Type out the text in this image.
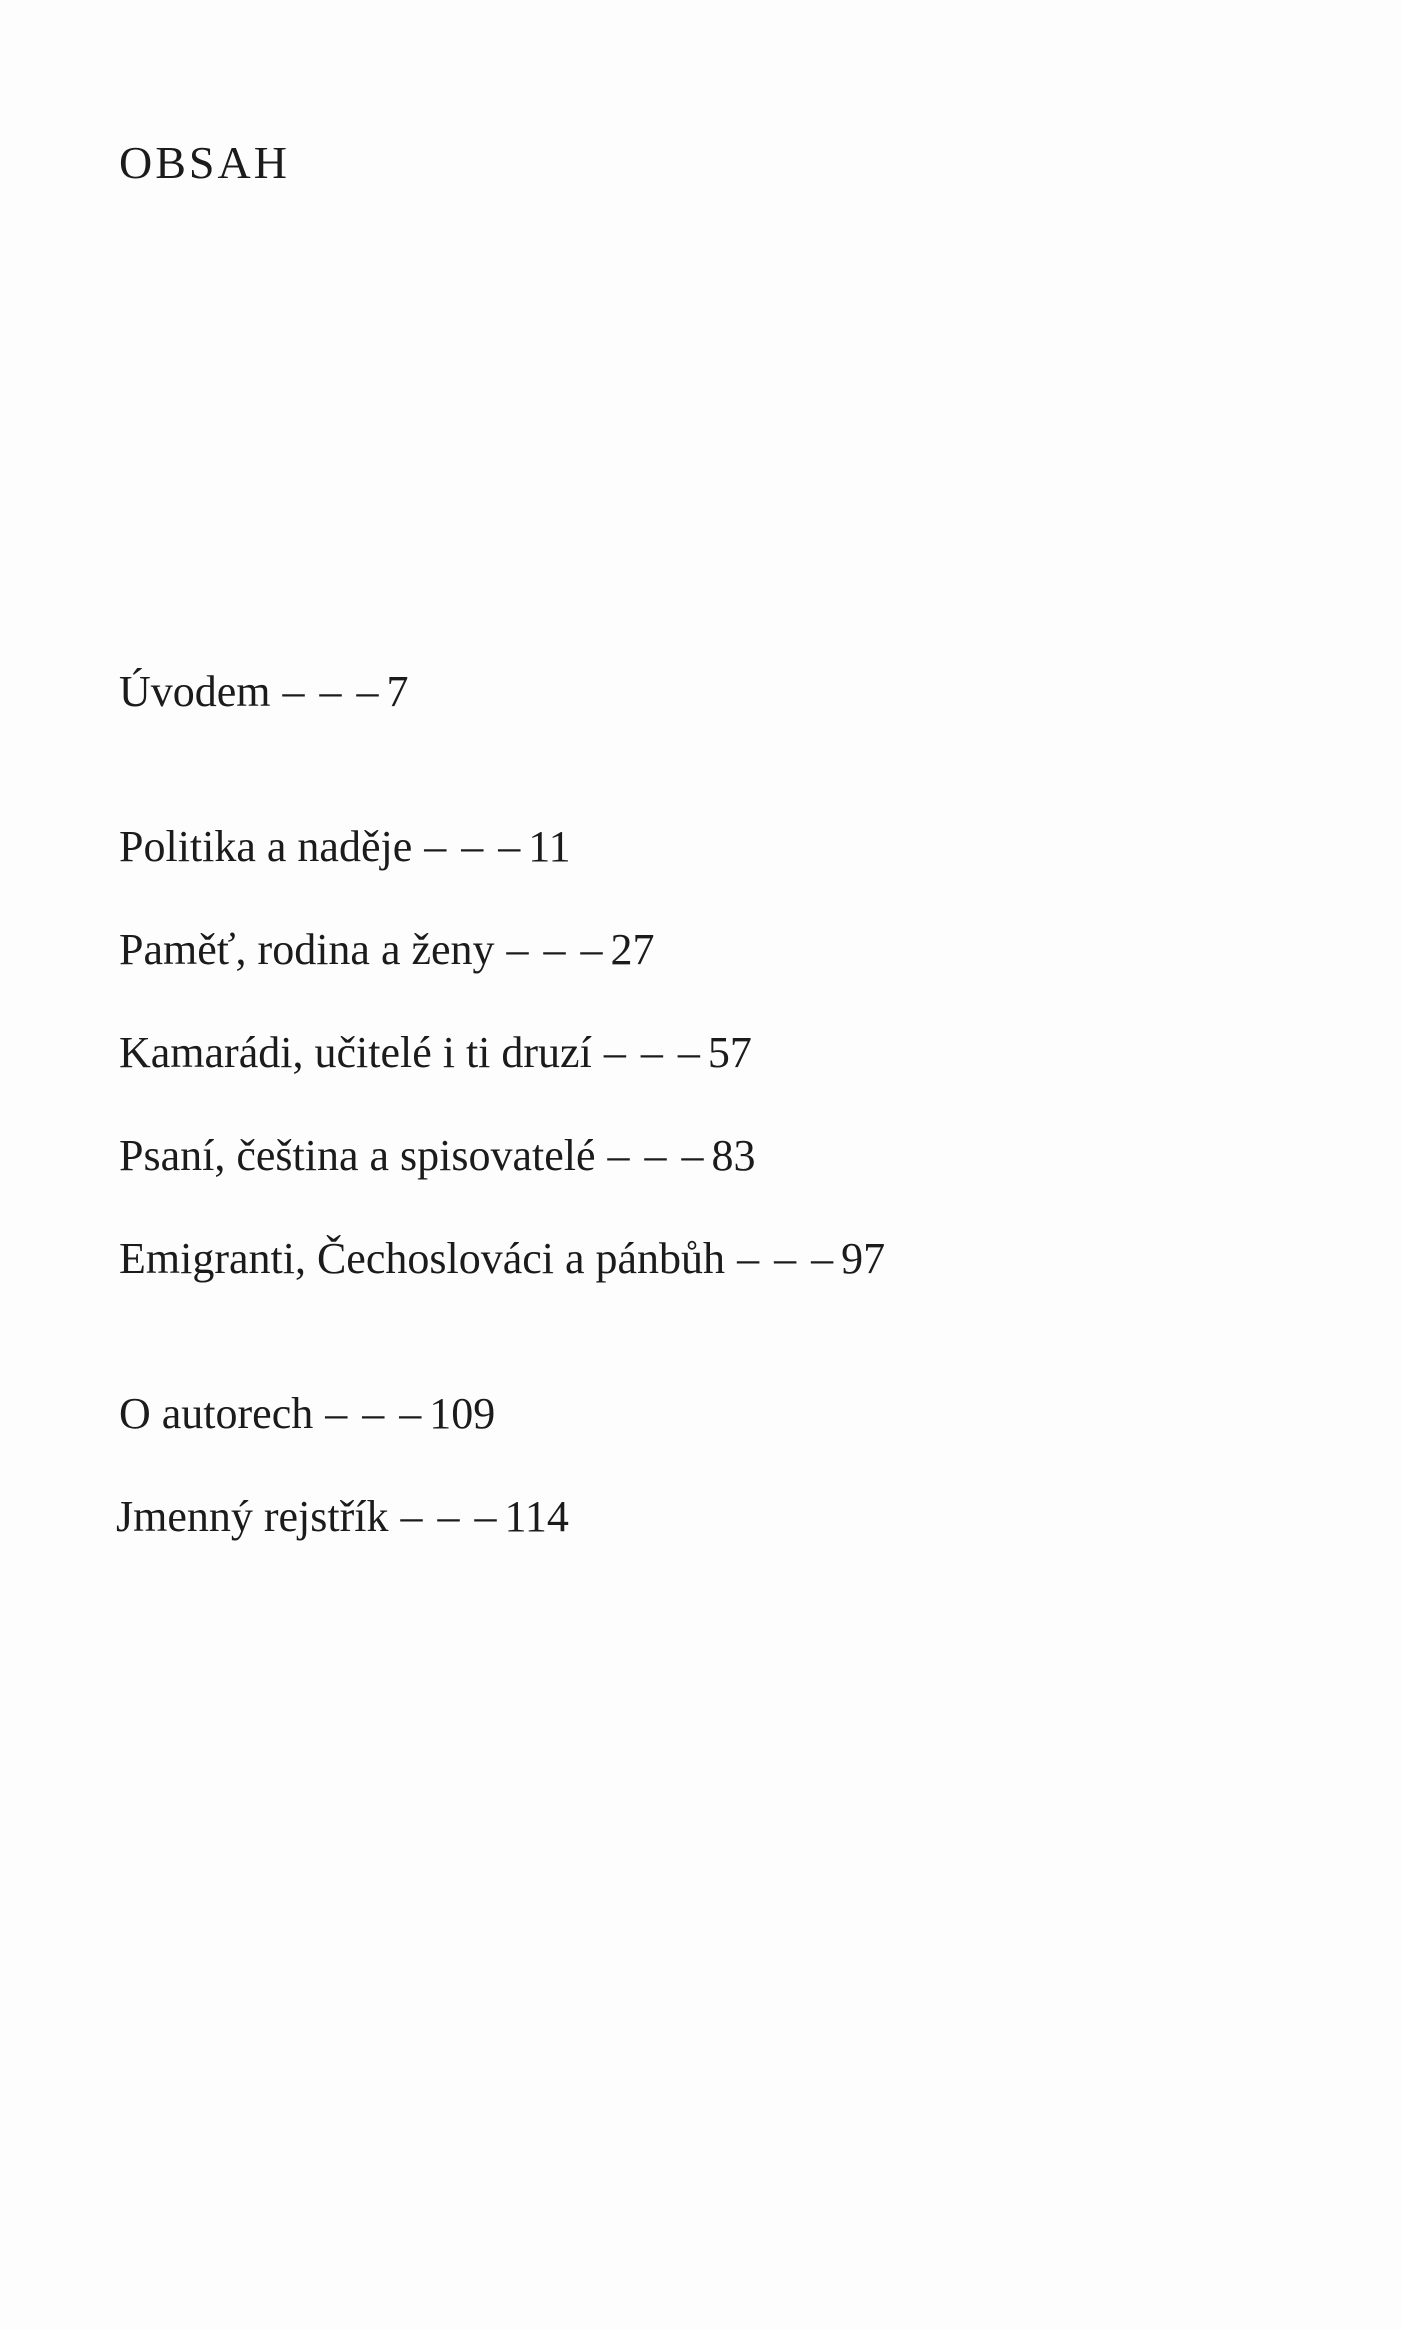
OBSAH
Úvodem – – – 7
Politika a naděje – – – 11
Paměť, rodina a ženy – – – 27
Kamarádi, učitelé i ti druzí – – – 57
Psaní, čeština a spisovatelé – – – 83
Emigranti, Čechoslováci a pánbůh – – – 97
O autorech – – – 109
Jmenný rejstřík – – – 114
